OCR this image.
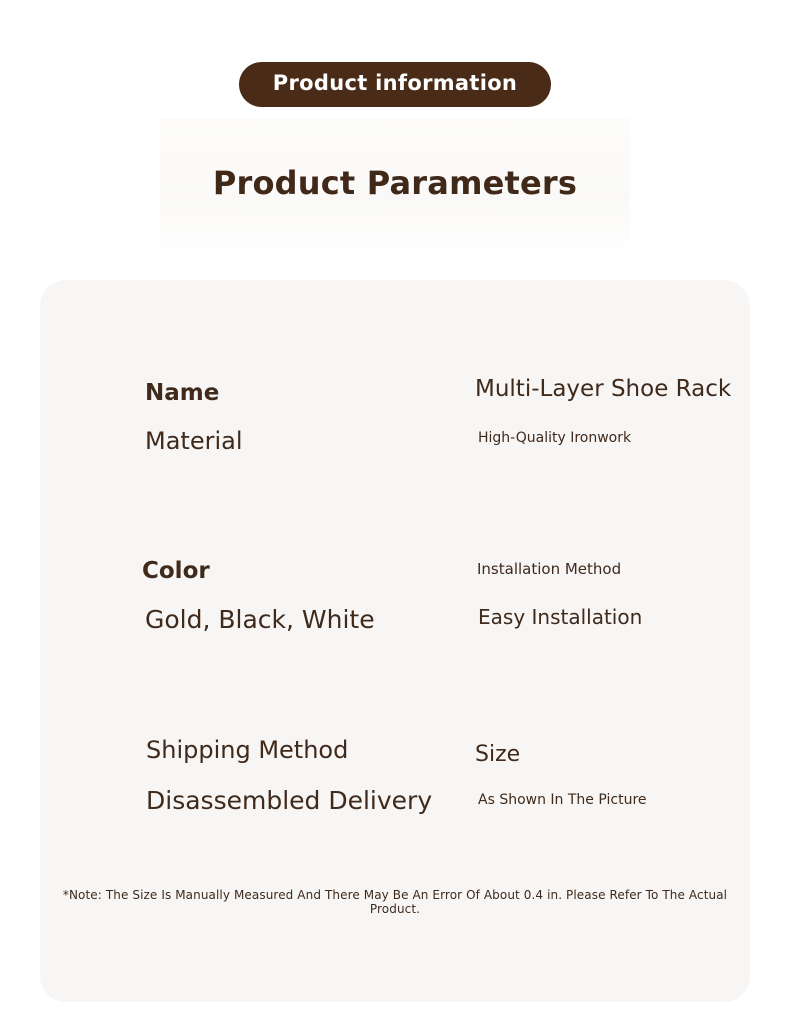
Product information
Product Parameters
Name	Multi-Layer Shoe Rack
Material	High-Quality Ironwork
Color
Gold, Black, White
Installation Method
Easy Installation
Shipping Method
Disassembled Delivery
Size
As Shown In The Picture
*Note: The Size Is Manually Measured And There May Be An Error Of About 0.4 in. Please Refer To The Actual Product.
